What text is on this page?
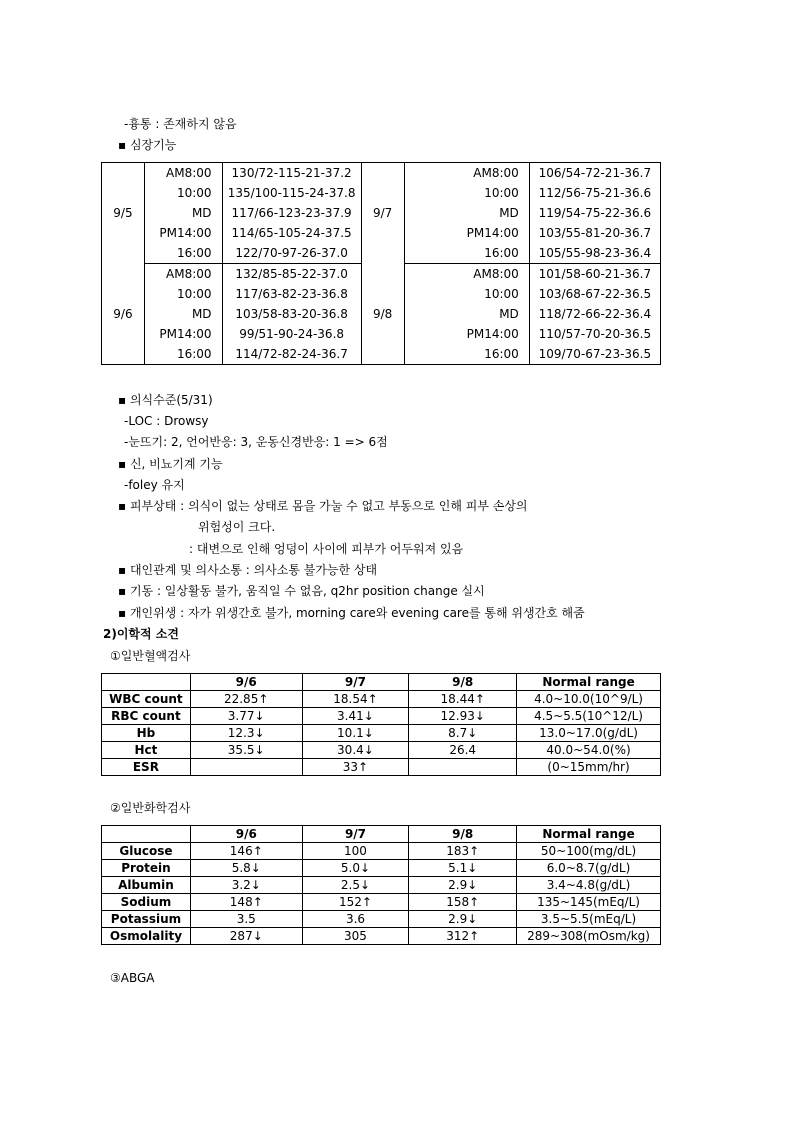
-흉통 : 존재하지 않음
▪ 심장기능
9/5	AM8:00	130/72-115-21-37.2	9/7	AM8:00	106/54-72-21-36.7
	10:00	135/100-115-24-37.8		10:00	112/56-75-21-36.6
	MD	117/66-123-23-37.9		MD	119/54-75-22-36.6
	PM14:00	114/65-105-24-37.5		PM14:00	103/55-81-20-36.7
	16:00	122/70-97-26-37.0		16:00	105/55-98-23-36.4
9/6	AM8:00	132/85-85-22-37.0	9/8	AM8:00	101/58-60-21-36.7
	10:00	117/63-82-23-36.8		10:00	103/68-67-22-36.5
	MD	103/58-83-20-36.8		MD	118/72-66-22-36.4
	PM14:00	99/51-90-24-36.8		PM14:00	110/57-70-20-36.5
	16:00	114/72-82-24-36.7		16:00	109/70-67-23-36.5
▪ 의식수준(5/31)
-LOC : Drowsy
-눈뜨기: 2, 언어반응: 3, 운동신경반응: 1 => 6점
▪ 신, 비뇨기계 기능
-foley 유지
▪ 피부상태 : 의식이 없는 상태로 몸을 가눌 수 없고 부동으로 인해 피부 손상의
위험성이 크다.
: 대변으로 인해 엉덩이 사이에 피부가 어두워져 있음
▪ 대인관계 및 의사소통 : 의사소통 불가능한 상태
▪ 기동 : 일상활동 불가, 움직일 수 없음, q2hr position change 실시
▪ 개인위생 : 자가 위생간호 불가, morning care와 evening care를 통해 위생간호 해줌
2)이학적 소견
①일반혈액검사
	9/6	9/7	9/8	Normal range
WBC count	22.85↑	18.54↑	18.44↑	4.0~10.0(10^9/L)
RBC count	3.77↓	3.41↓	12.93↓	4.5~5.5(10^12/L)
Hb	12.3↓	10.1↓	8.7↓	13.0~17.0(g/dL)
Hct	35.5↓	30.4↓	26.4	40.0~54.0(%)
ESR		33↑		(0~15mm/hr)
②일반화학검사
	9/6	9/7	9/8	Normal range
Glucose	146↑	100	183↑	50~100(mg/dL)
Protein	5.8↓	5.0↓	5.1↓	6.0~8.7(g/dL)
Albumin	3.2↓	2.5↓	2.9↓	3.4~4.8(g/dL)
Sodium	148↑	152↑	158↑	135~145(mEq/L)
Potassium	3.5	3.6	2.9↓	3.5~5.5(mEq/L)
Osmolality	287↓	305	312↑	289~308(mOsm/kg)
③ABGA
